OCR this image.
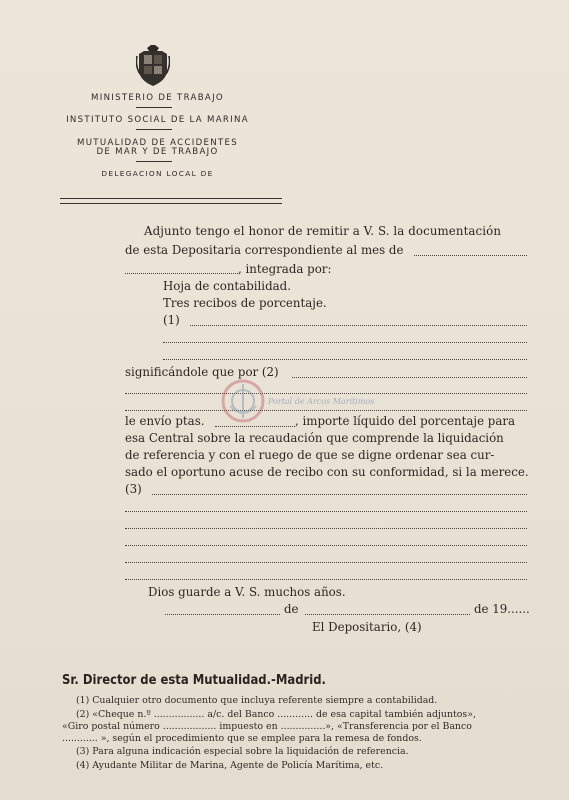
MINISTERIO DE TRABAJO
INSTITUTO SOCIAL DE LA MARINA
MUTUALIDAD DE ACCIDENTES
DE MAR Y DE TRABAJO
DELEGACION LOCAL DE
Adjunto tengo el honor de remitir a V. S. la documentación
de esta Depositaria correspondiente al mes de
, integrada por:
Hoja de contabilidad.
Tres recibos de porcentaje.
(1)
significándole que por (2)
Portal de Arcos Marítimos
le envío ptas.	, importe líquido del porcentaje para
esa Central sobre la recaudación que comprende la liquidación
de referencia y con el ruego de que se digne ordenar sea cur-
sado el oportuno acuse de recibo con su conformidad, si la merece.
(3)
Dios guarde a V. S. muchos años.
de	de 19......
El Depositario, (4)
Sr. Director de esta Mutualidad.-Madrid.
(1) Cualquier otro documento que incluya referente siempre a contabilidad.
(2) «Cheque n.º ................. a/c. del Banco ............ de esa capital también adjuntos»,
«Giro postal número .................. impuesto en ...............», «Transferencia por el Banco
............ », según el procedimiento que se emplee para la remesa de fondos.
(3) Para alguna indicación especial sobre la liquidación de referencia.
(4) Ayudante Militar de Marina, Agente de Policía Marítima, etc.
